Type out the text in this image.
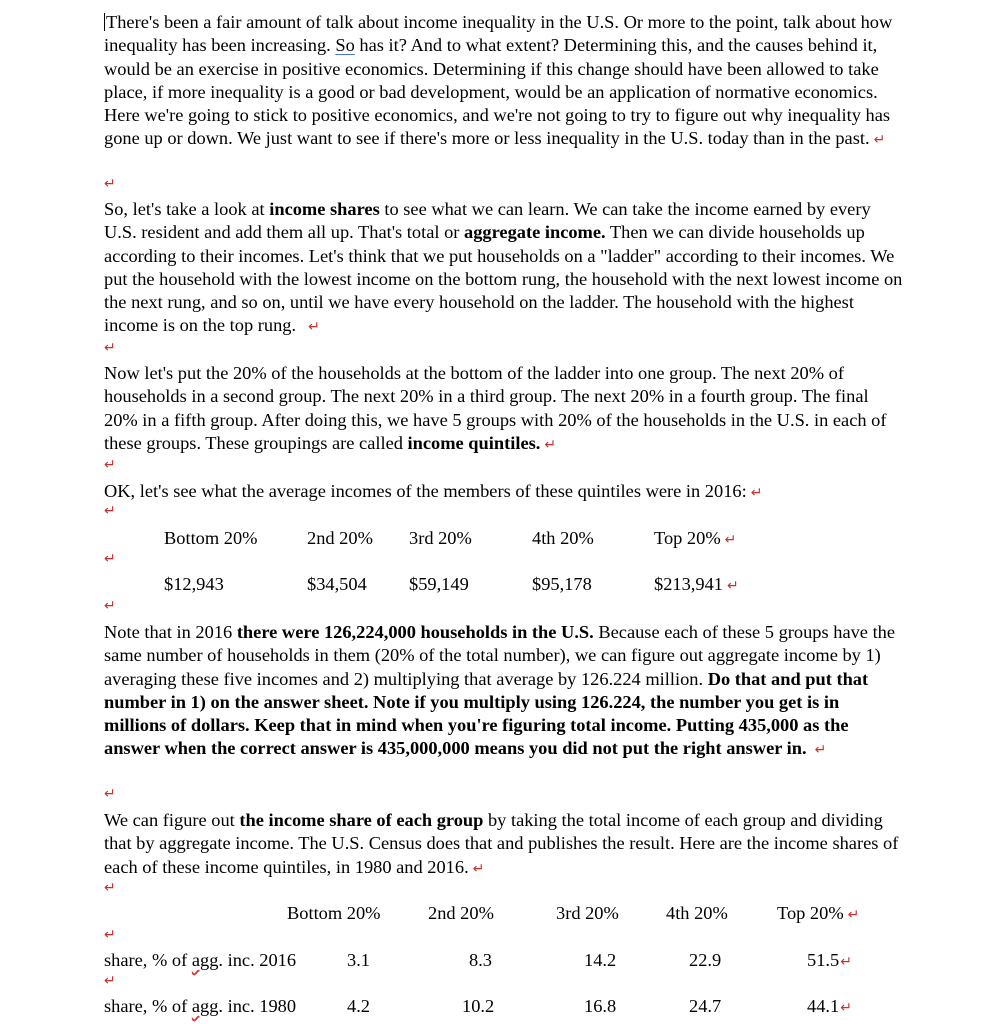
There's been a fair amount of talk about income inequality in the U.S. Or more to the point, talk about how inequality has been increasing. So has it? And to what extent? Determining this, and the causes behind it, would be an exercise in positive economics. Determining if this change should have been allowed to take place, if more inequality is a good or bad development, would be an application of normative economics. Here we're going to stick to positive economics, and we're not going to try to figure out why inequality has gone up or down. We just want to see if there's more or less inequality in the U.S. today than in the past. ↵
↵
So, let's take a look at income shares to see what we can learn. We can take the income earned by every U.S. resident and add them all up. That's total or aggregate income. Then we can divide households up according to their incomes. Let's think that we put households on a "ladder" according to their incomes. We put the household with the lowest income on the bottom rung, the household with the next lowest income on the next rung, and so on, until we have every household on the ladder. The household with the highest income is on the top rung. ↵
↵
Now let's put the 20% of the households at the bottom of the ladder into one group. The next 20% of households in a second group. The next 20% in a third group. The next 20% in a fourth group. The final 20% in a fifth group. After doing this, we have 5 groups with 20% of the households in the U.S. in each of these groups. These groupings are called income quintiles. ↵
↵
OK, let's see what the average incomes of the members of these quintiles were in 2016: ↵
↵
Bottom 20%	2nd 20% 3rd 20%	4th 20%	Top 20% ↵
↵
$12,943	$34,504 $59,149	$95,178	$213,941 ↵
↵
Note that in 2016 there were 126,224,000 households in the U.S. Because each of these 5 groups have the same number of households in them (20% of the total number), we can figure out aggregate income by 1) averaging these five incomes and 2) multiplying that average by 126.224 million. Do that and put that number in 1) on the answer sheet. Note if you multiply using 126.224, the number you get is in millions of dollars. Keep that in mind when you're figuring total income. Putting 435,000 as the answer when the correct answer is 435,000,000 means you did not put the right answer in. ↵
↵
We can figure out the income share of each group by taking the total income of each group and dividing that by aggregate income. The U.S. Census does that and publishes the result. Here are the income shares of each of these income quintiles, in 1980 and 2016. ↵
↵
Bottom 20%	2nd 20%	3rd 20%	4th 20%	Top 20% ↵
↵
share, % of agg. inc. 2016	3.1	8.3	14.2	22.9	51.5↵
↵
share, % of agg. inc. 1980	4.2	10.2	16.8	24.7	44.1↵
